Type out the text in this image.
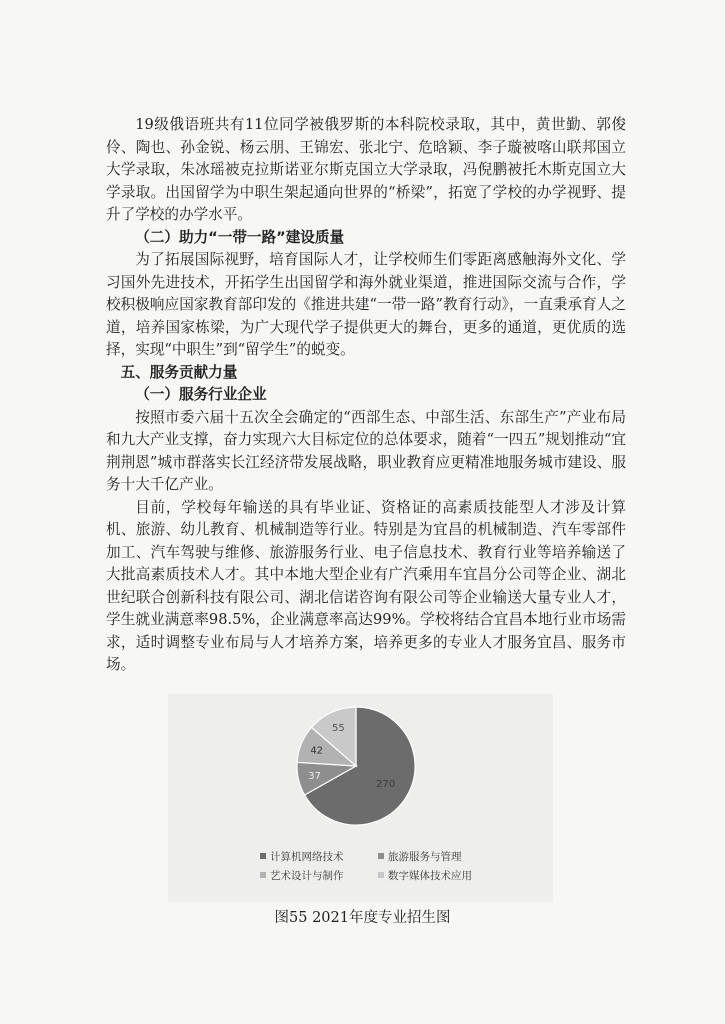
19级俄语班共有11位同学被俄罗斯的本科院校录取，其中，黄世勤、郭俊伶、陶也、孙金锐、杨云朋、王锦宏、张北宁、危晗颖、李子璇被喀山联邦国立大学录取，朱冰瑶被克拉斯诺亚尔斯克国立大学录取，冯倪鹏被托木斯克国立大学录取。出国留学为中职生架起通向世界的“桥梁”，拓宽了学校的办学视野、提升了学校的办学水平。

（二）助力“一带一路”建设质量

为了拓展国际视野，培育国际人才，让学校师生们零距离感触海外文化、学习国外先进技术，开拓学生出国留学和海外就业渠道，推进国际交流与合作，学校积极响应国家教育部印发的《推进共建“一带一路”教育行动》，一直秉承育人之道，培养国家栋梁，为广大现代学子提供更大的舞台，更多的通道，更优质的选择，实现“中职生”到“留学生”的蜕变。

五、服务贡献力量

（一）服务行业企业

按照市委六届十五次全会确定的“西部生态、中部生活、东部生产”产业布局和九大产业支撑，奋力实现六大目标定位的总体要求，随着“一四五”规划推动“宜荆荆恩”城市群落实长江经济带发展战略，职业教育应更精准地服务城市建设、服务十大千亿产业。

目前，学校每年输送的具有毕业证、资格证的高素质技能型人才涉及计算机、旅游、幼儿教育、机械制造等行业。特别是为宜昌的机械制造、汽车零部件加工、汽车驾驶与维修、旅游服务行业、电子信息技术、教育行业等培养输送了大批高素质技术人才。其中本地大型企业有广汽乘用车宜昌分公司等企业、湖北世纪联合创新科技有限公司、湖北信诺咨询有限公司等企业输送大量专业人才，学生就业满意率98.5%，企业满意率高达99%。学校将结合宜昌本地行业市场需求，适时调整专业布局与人才培养方案，培养更多的专业人才服务宜昌、服务市场。

270
37
42
55
计算机网络技术	旅游服务与管理
艺术设计与制作	数字媒体技术应用
图55 2021年度专业招生图
